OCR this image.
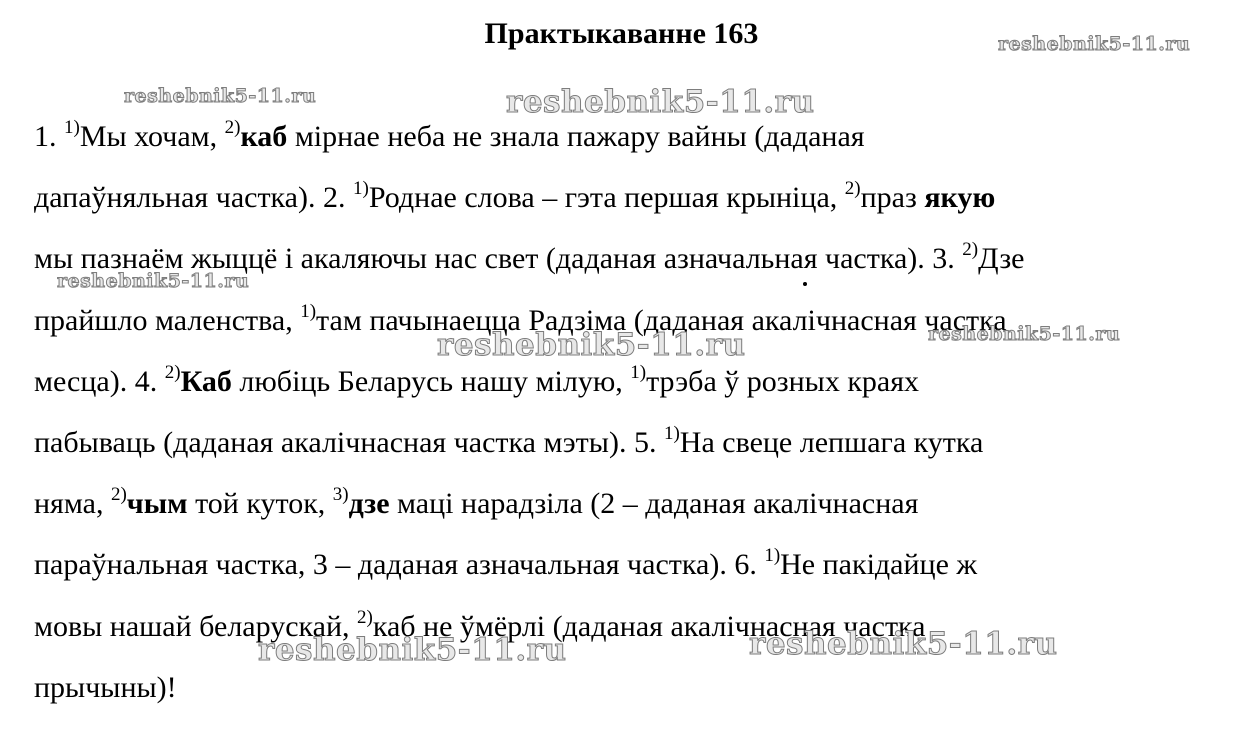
Практыкаванне 163
1. $^{1)}$Мы хочам, $^{2)}$каб мірнае неба не знала пажару вайны (даданая
дапаўняльная частка). 2. $^{1)}$Роднае слова – гэта першая крыніца, $^{2)}$праз якую
мы пазнаём жыццё і акаляючы нас свет (даданая азначальная частка). 3. $^{2)}$Дзе
прайшло маленства, $^{1)}$там пачынаецца Радзіма (даданая акалічнасная частка
месца). 4. $^{2)}$Каб любіць Беларусь нашу мілую, $^{1)}$трэба ў розных краях
пабываць (даданая акалічнасная частка мэты). 5. $^{1)}$На свеце лепшага кутка
няма, $^{2)}$чым той куток, $^{3)}$дзе маці нарадзіла (2 – даданая акалічнасная
параўнальная частка, 3 – даданая азначальная частка). 6. $^{1)}$Не пакідайце ж
мовы нашай беларускай, $^{2)}$каб не ўмёрлі (даданая акалічнасная частка
прычыны)!
reshebnik5-11.ru
reshebnik5-11.ru	reshebnik5-11.ru
reshebnik5-11.ru
reshebnik5-11.ru
reshebnik5-11.ru
reshebnik5-11.ru	reshebnik5-11.ru
